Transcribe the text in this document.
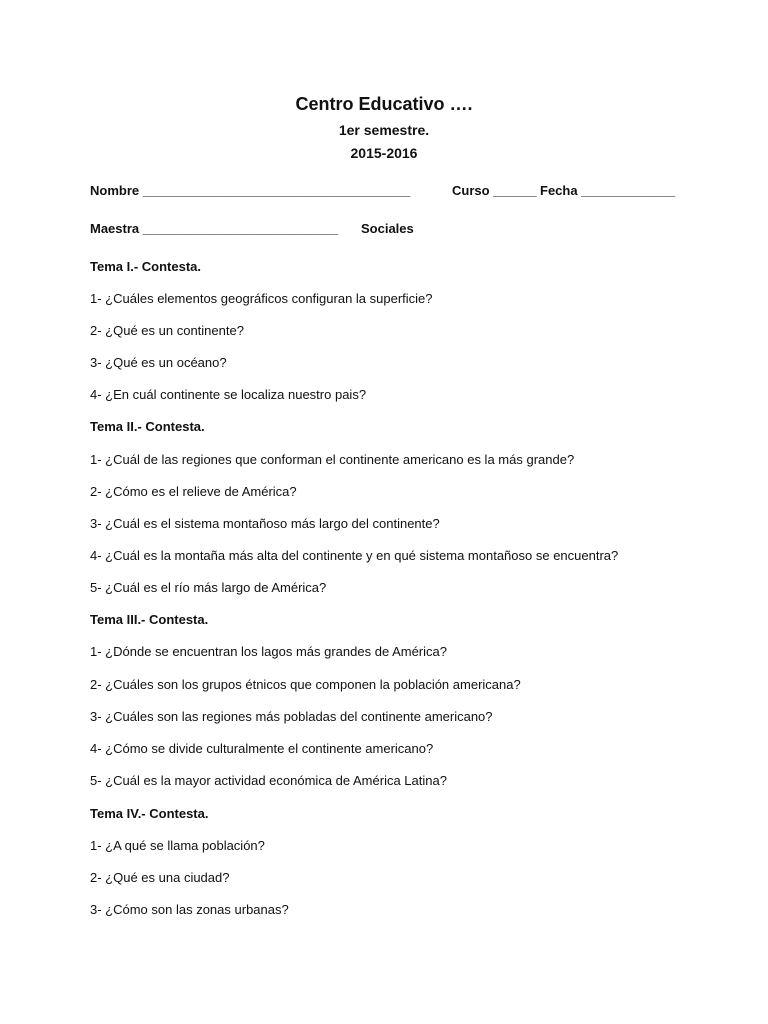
Centro Educativo ….
1er semestre.
2015-2016
Nombre _____________________________________	Curso ______ Fecha _____________
Maestra ___________________________ Sociales
Tema I.- Contesta.
1- ¿Cuáles elementos geográficos configuran la superficie?
2- ¿Qué es un continente?
3- ¿Qué es un océano?
4- ¿En cuál continente se localiza nuestro pais?
Tema II.- Contesta.
1- ¿Cuál de las regiones que conforman el continente americano es la más grande?
2- ¿Cómo es el relieve de América?
3- ¿Cuál es el sistema montañoso más largo del continente?
4- ¿Cuál es la montaña más alta del continente y en qué sistema montañoso se encuentra?
5- ¿Cuál es el río más largo de América?
Tema III.- Contesta.
1- ¿Dónde se encuentran los lagos más grandes de América?
2- ¿Cuáles son los grupos étnicos que componen la población americana?
3- ¿Cuáles son las regiones más pobladas del continente americano?
4- ¿Cómo se divide culturalmente el continente americano?
5- ¿Cuál es la mayor actividad económica de América Latina?
Tema IV.- Contesta.
1- ¿A qué se llama población?
2- ¿Qué es una ciudad?
3- ¿Cómo son las zonas urbanas?
